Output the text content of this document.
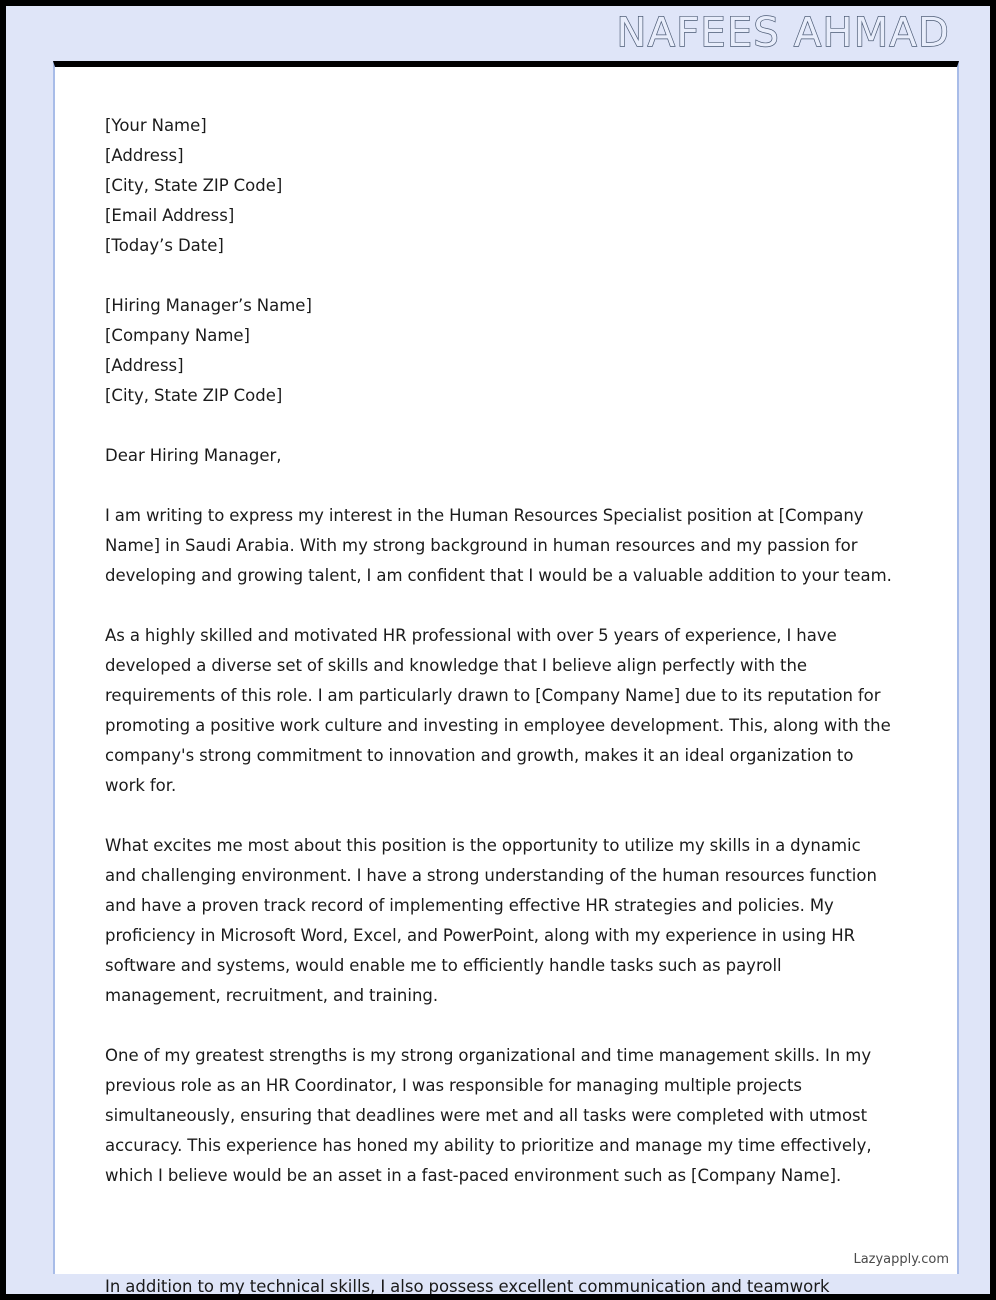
NAFEES AHMAD
[Your Name]
[Address]
[City, State ZIP Code]
[Email Address]
[Today’s Date]
[Hiring Manager’s Name]
[Company Name]
[Address]
[City, State ZIP Code]
Dear Hiring Manager,

I am writing to express my interest in the Human Resources Specialist position at [Company Name] in Saudi Arabia. With my strong background in human resources and my passion for developing and growing talent, I am confident that I would be a valuable addition to your team.

As a highly skilled and motivated HR professional with over 5 years of experience, I have developed a diverse set of skills and knowledge that I believe align perfectly with the requirements of this role. I am particularly drawn to [Company Name] due to its reputation for promoting a positive work culture and investing in employee development. This, along with the company's strong commitment to innovation and growth, makes it an ideal organization to work for.

What excites me most about this position is the opportunity to utilize my skills in a dynamic and challenging environment. I have a strong understanding of the human resources function and have a proven track record of implementing effective HR strategies and policies. My proficiency in Microsoft Word, Excel, and PowerPoint, along with my experience in using HR software and systems, would enable me to efficiently handle tasks such as payroll management, recruitment, and training.

One of my greatest strengths is my strong organizational and time management skills. In my previous role as an HR Coordinator, I was responsible for managing multiple projects simultaneously, ensuring that deadlines were met and all tasks were completed with utmost accuracy. This experience has honed my ability to prioritize and manage my time effectively, which I believe would be an asset in a fast-paced environment such as [Company Name].

Lazyapply.com
In addition to my technical skills, I also possess excellent communication and teamwork
